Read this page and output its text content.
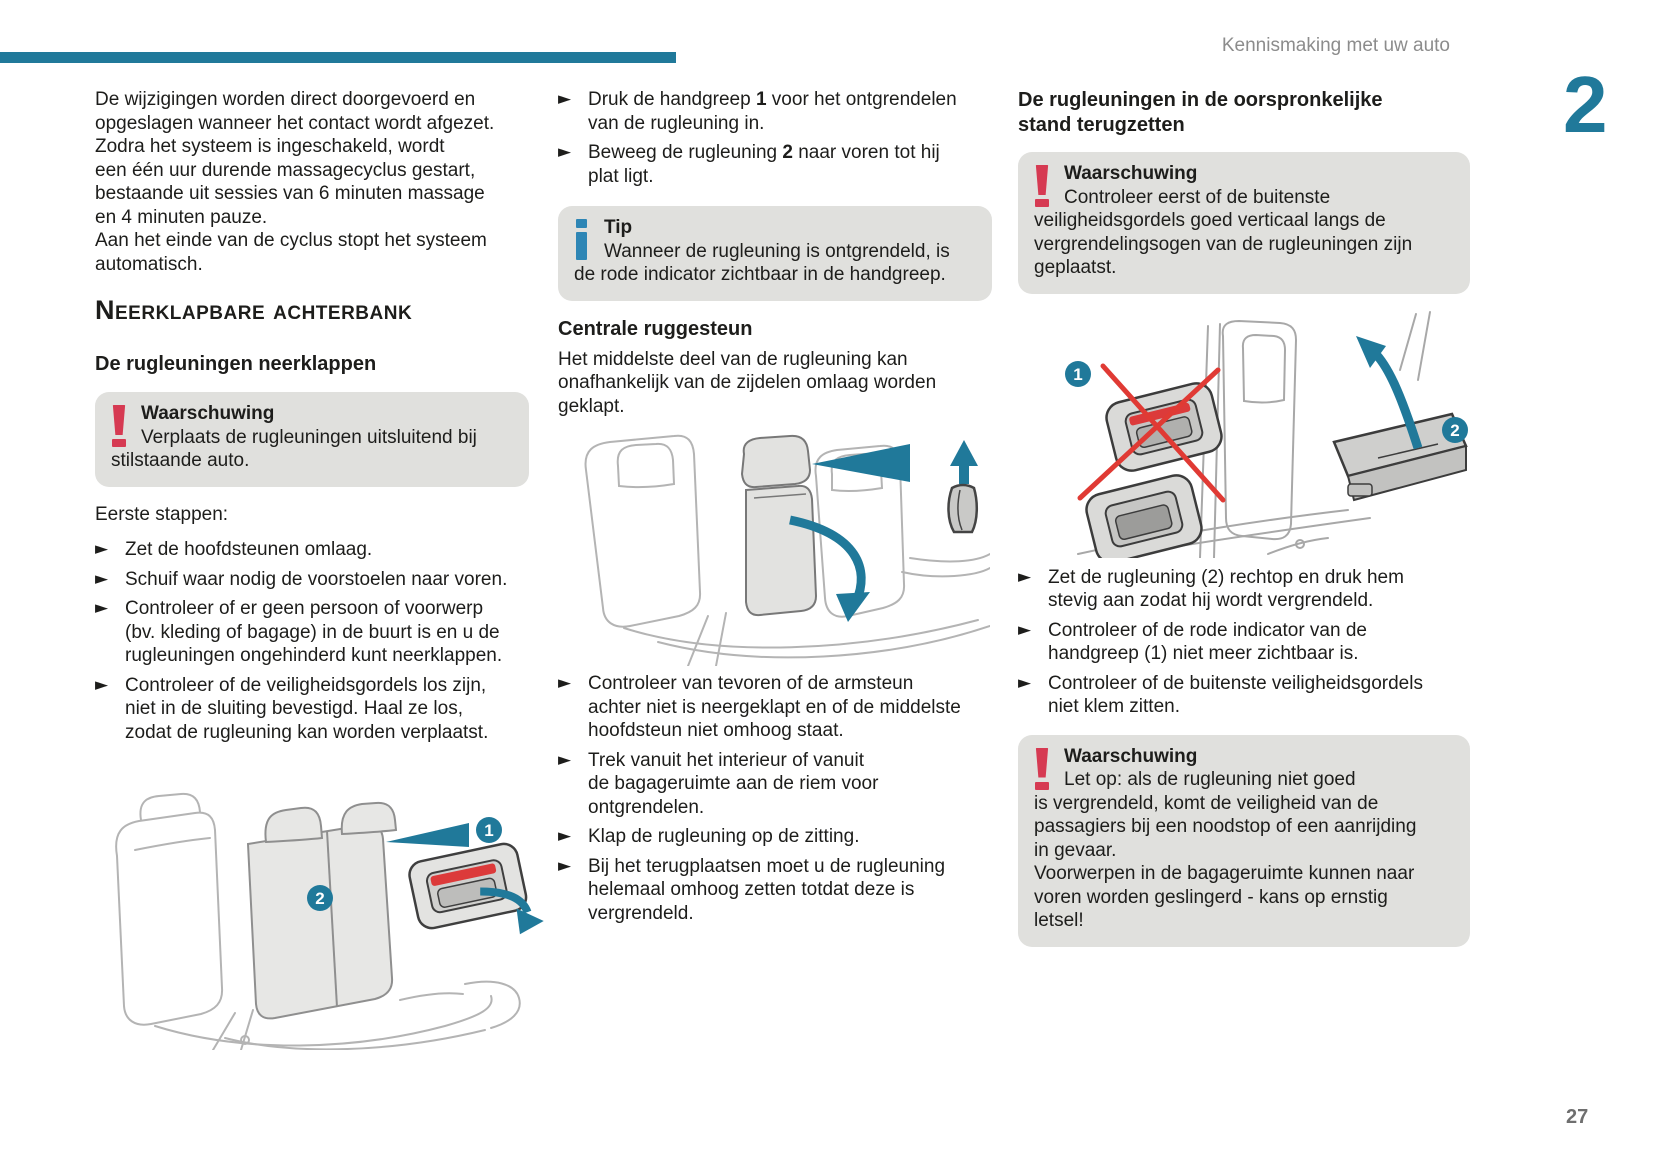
Kennismaking met uw auto
2
27
De wijzigingen worden direct doorgevoerd en
opgeslagen wanneer het contact wordt afgezet.
Zodra het systeem is ingeschakeld, wordt
een één uur durende massagecyclus gestart,
bestaande uit sessies van 6 minuten massage
en 4 minuten pauze.
Aan het einde van de cyclus stopt het systeem
automatisch.
Neerklapbare achterbank
De rugleuningen neerklappen
Waarschuwing
Verplaats de rugleuningen uitsluitend bij
stilstaande auto.
Eerste stappen:
► Zet de hoofdsteunen omlaag.
► Schuif waar nodig de voorstoelen naar voren.
► Controleer of er geen persoon of voorwerp
(bv. kleding of bagage) in de buurt is en u de
rugleuningen ongehinderd kunt neerklappen.
► Controleer of de veiligheidsgordels los zijn,
niet in de sluiting bevestigd. Haal ze los,
zodat de rugleuning kan worden verplaatst.
1
2
► Druk de handgreep 1 voor het ontgrendelen
van de rugleuning in.
► Beweeg de rugleuning 2 naar voren tot hij
plat ligt.
Tip
Wanneer de rugleuning is ontgrendeld, is
de rode indicator zichtbaar in de handgreep.
Centrale ruggesteun
Het middelste deel van de rugleuning kan
onafhankelijk van de zijdelen omlaag worden
geklapt.
► Controleer van tevoren of de armsteun
achter niet is neergeklapt en of de middelste
hoofdsteun niet omhoog staat.
► Trek vanuit het interieur of vanuit
de bagageruimte aan de riem voor
ontgrendelen.
► Klap de rugleuning op de zitting.
► Bij het terugplaatsen moet u de rugleuning
helemaal omhoog zetten totdat deze is
vergrendeld.
De rugleuningen in de oorspronkelijke
stand terugzetten
Waarschuwing
Controleer eerst of de buitenste
veiligheidsgordels goed verticaal langs de
vergrendelingsogen van de rugleuningen zijn
geplaatst.
1
2
► Zet de rugleuning (2) rechtop en druk hem
stevig aan zodat hij wordt vergrendeld.
► Controleer of de rode indicator van de
handgreep (1) niet meer zichtbaar is.
► Controleer of de buitenste veiligheidsgordels
niet klem zitten.
Waarschuwing
Let op: als de rugleuning niet goed
is vergrendeld, komt de veiligheid van de
passagiers bij een noodstop of een aanrijding
in gevaar.
Voorwerpen in de bagageruimte kunnen naar
voren worden geslingerd - kans op ernstig
letsel!
